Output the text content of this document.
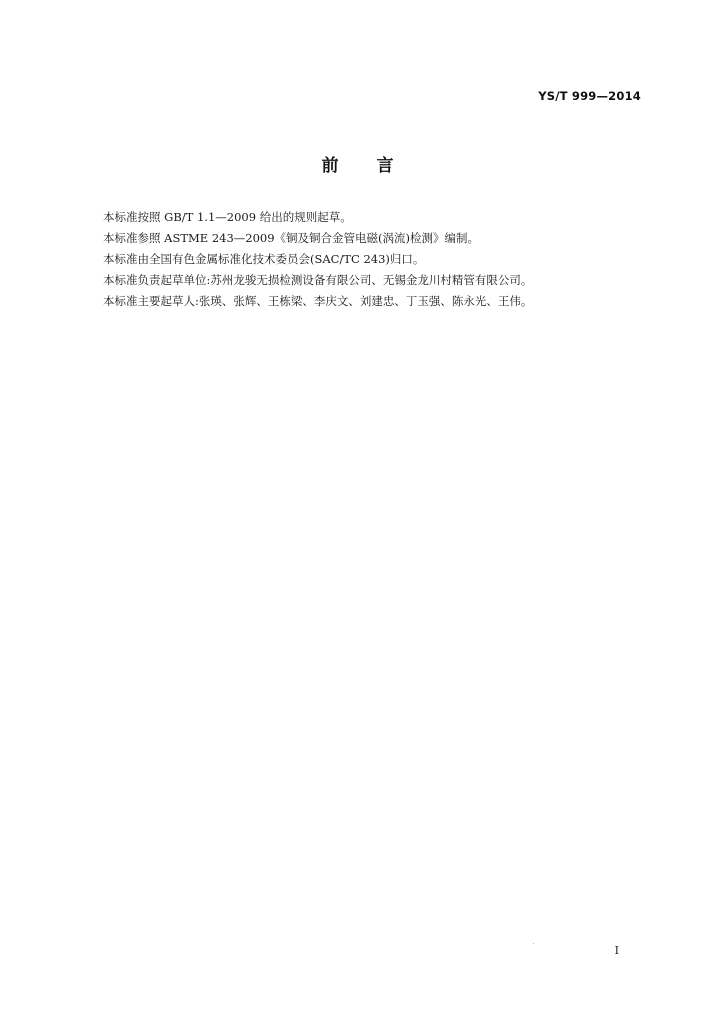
YS/T 999—2014
前言
本标准按照 GB/T 1.1—2009 给出的规则起草。
本标准参照 ASTME 243—2009《铜及铜合金管电磁(涡流)检测》编制。
本标准由全国有色金属标准化技术委员会(SAC/TC 243)归口。
本标准负责起草单位:苏州龙骏无损检测设备有限公司、无锡金龙川村精管有限公司。
本标准主要起草人:张瑛、张辉、王栋梁、李庆文、刘建忠、丁玉强、陈永光、王伟。
I
